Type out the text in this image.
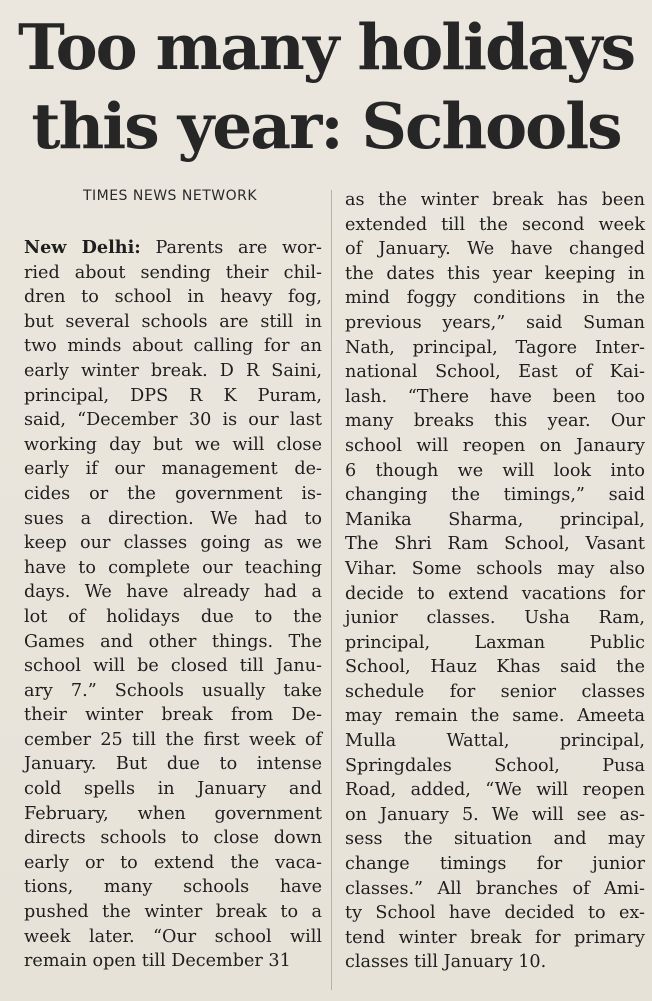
Too many holidays
this year: Schools
TIMES NEWS NETWORK

New Delhi: Parents are wor-

ried about sending their chil-

dren to school in heavy fog,

but several schools are still in

two minds about calling for an

early winter break. D R Saini,

principal, DPS R K Puram,

said, “December 30 is our last

working day but we will close

early if our management de-

cides or the government is-

sues a direction. We had to

keep our classes going as we

have to complete our teaching

days. We have already had a

lot of holidays due to the

Games and other things. The

school will be closed till Janu-

ary 7.” Schools usually take

their winter break from De-

cember 25 till the first week of

January. But due to intense

cold spells in January and

February, when government

directs schools to close down

early or to extend the vaca-

tions, many schools have

pushed the winter break to a

week later. “Our school will

remain open till December 31

as the winter break has been

extended till the second week

of January. We have changed

the dates this year keeping in

mind foggy conditions in the

previous years,” said Suman

Nath, principal, Tagore Inter-

national School, East of Kai-

lash. “There have been too

many breaks this year. Our

school will reopen on Janaury

6 though we will look into

changing the timings,” said

Manika Sharma, principal,

The Shri Ram School, Vasant

Vihar. Some schools may also

decide to extend vacations for

junior classes. Usha Ram,

principal, Laxman Public

School, Hauz Khas said the

schedule for senior classes

may remain the same. Ameeta

Mulla Wattal, principal,

Springdales School, Pusa

Road, added, “We will reopen

on January 5. We will see as-

sess the situation and may

change timings for junior

classes.” All branches of Ami-

ty School have decided to ex-

tend winter break for primary

classes till January 10.
